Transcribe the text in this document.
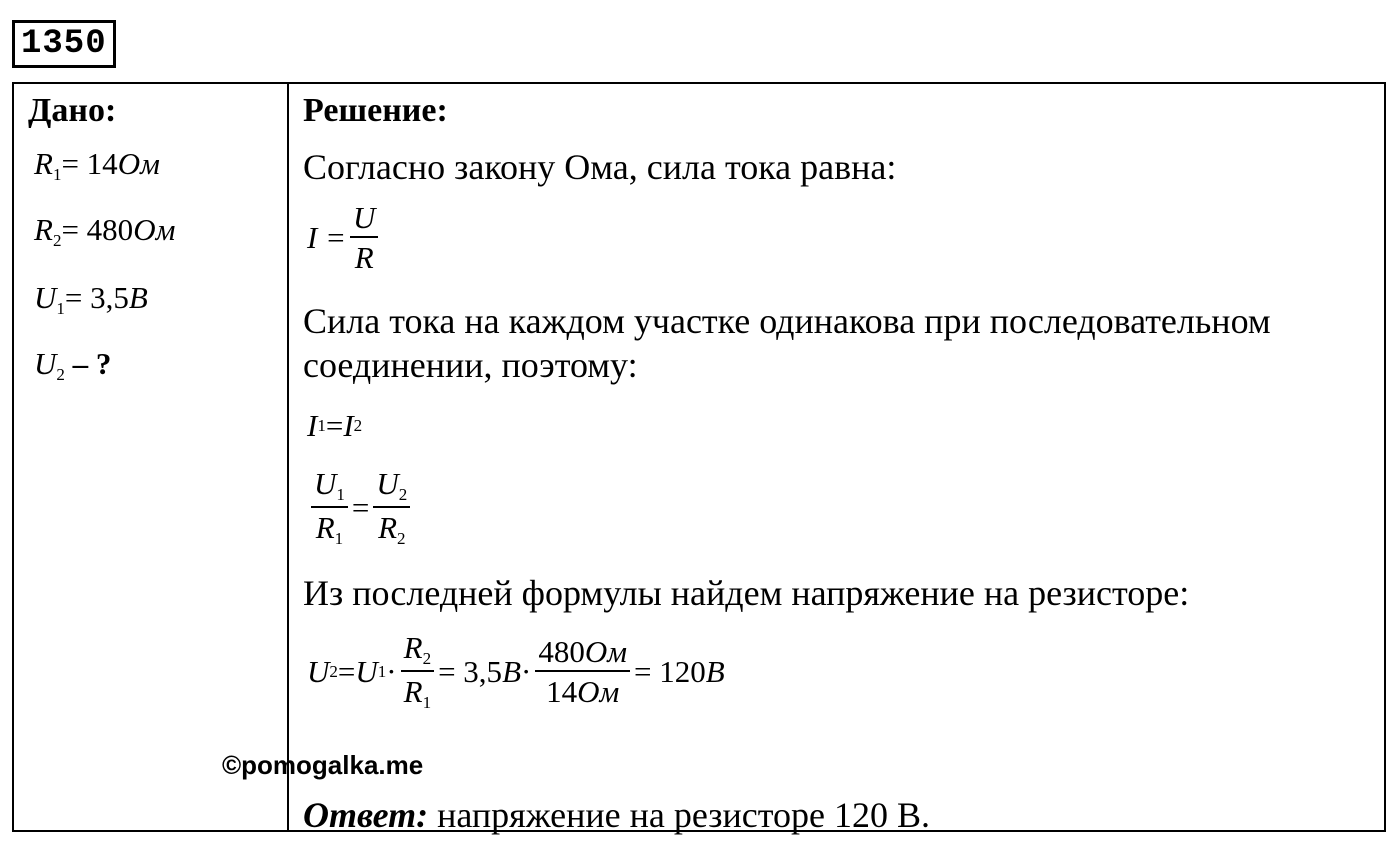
1350
Дано:
$R_1= 14Ом$
$R_2= 480Ом$
$U_1= 3,5B$
$U_2$ – ?
Решение:
Согласно закону Ома, сила тока равна:
$I = \frac{U}{R}$
Сила тока на каждом участке одинакова при последовательном
соединении, поэтому:
I 1 = I 2
$\frac{U_1}{R_1} = \frac{U_2}{R_2}$
Из последней формулы найдем напряжение на резисторе:
U 2 = U $1 \cdot \frac{R_2}{R_1} = 3,5$ $B \cdot \frac{480Ом}{14Ом} = 120$ B
Ответ: напряжение на резисторе 120 В.
©pomogalka.me
